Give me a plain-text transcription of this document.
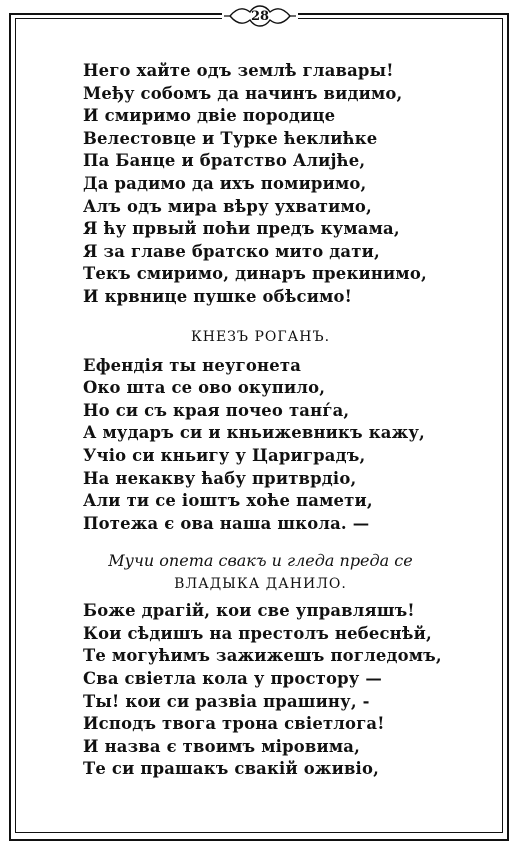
28
Него хайте одъ землѣ главары!
Међу собомъ да начинъ видимо,
И смиримо двіе породице
Велестовце и Турке ћеклићке
Па Банце и братство Алијће,
Да радимо да ихъ помиримо,
Алъ одъ мира вѣру ухватимо,
Я ћу првый поћи предъ кумама,
Я за главе братско мито дати,
Текъ смиримо, динаръ прекинимо,
И крвнице пушке обѣсимо!
КНЕЗЪ РОГАНЪ.
Ефендія ты неугонета
Око шта се ово окупило,
Но си съ края почео танѓа,
А мударъ си и кньижевникъ кажу,
Учіо си кньигу у Цариградъ,
На некакву ћабу притврдіо,
Али ти се іоштъ хоће памети,
Потежа є ова наша школа. —
Мучи опета свакъ и гледа преда се
ВЛАДЫКА ДАНИЛО.
Боже драгій, кои све управляшъ!
Кои сѣдишъ на престолъ небеснѣй,
Те могућимъ зажижешъ погледомъ,
Сва свіетла кола у простору —
Ты! кои си развіа прашину, -
Исподъ твога трона свіетлога!
И назва є твоимъ міровима,
Те си прашакъ свакій оживіо,
